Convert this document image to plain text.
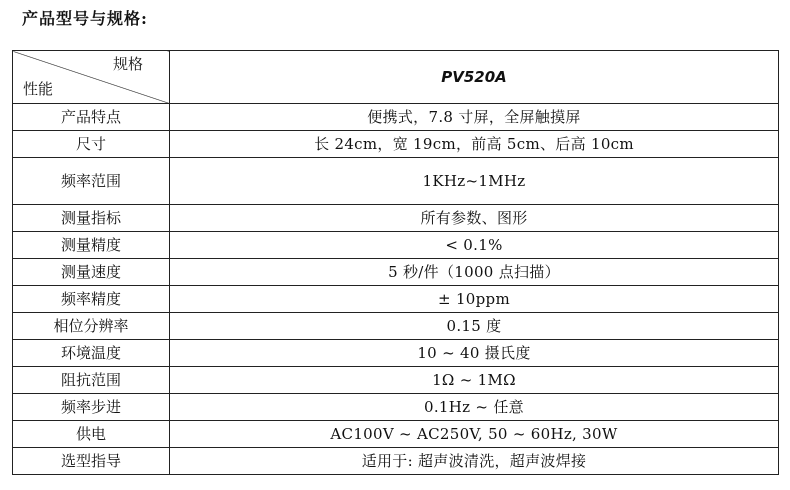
产品型号与规格:
规格
性能	PV520A
产品特点	便携式，7.8 寸屏，全屏触摸屏
尺寸	长 24cm，宽 19cm，前高 5cm、后高 10cm
频率范围	1KHz~1MHz
测量指标	所有参数、图形
测量精度	< 0.1%
测量速度	5 秒/件（1000 点扫描）
频率精度	± 10ppm
相位分辨率	0.15 度
环境温度	10 ~ 40 摄氏度
阻抗范围	1Ω ~ 1MΩ
频率步进	0.1Hz ~ 任意
供电	AC100V ~ AC250V, 50 ~ 60Hz, 30W
选型指导	适用于: 超声波清洗，超声波焊接
